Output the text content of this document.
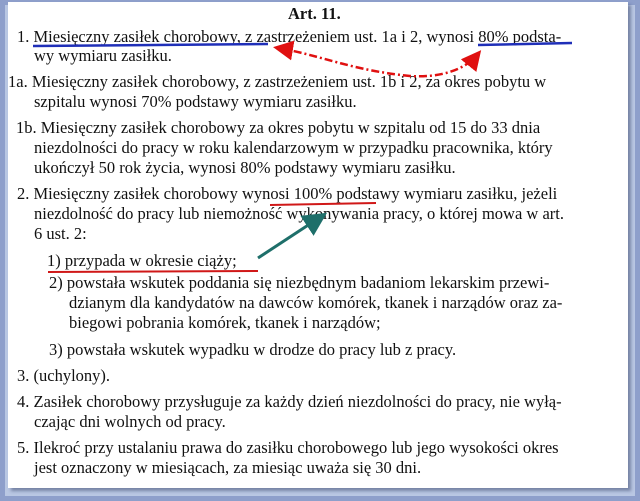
Art. 11.

1. Miesięczny zasiłek chorobowy, z zastrzeżeniem ust. 1a i 2, wynosi 80% podsta-

wy wymiaru zasiłku.

1a. Miesięczny zasiłek chorobowy, z zastrzeżeniem ust. 1b i 2, za okres pobytu w

szpitalu wynosi 70% podstawy wymiaru zasiłku.

1b. Miesięczny zasiłek chorobowy za okres pobytu w szpitalu od 15 do 33 dnia

niezdolności do pracy w roku kalendarzowym w przypadku pracownika, który

ukończył 50 rok życia, wynosi 80% podstawy wymiaru zasiłku.

2. Miesięczny zasiłek chorobowy wynosi 100% podstawy wymiaru zasiłku, jeżeli

niezdolność do pracy lub niemożność wykonywania pracy, o której mowa w art.

6 ust. 2:

1) przypada w okresie ciąży;

2) powstała wskutek poddania się niezbędnym badaniom lekarskim przewi-

dzianym dla kandydatów na dawców komórek, tkanek i narządów oraz za-

biegowi pobrania komórek, tkanek i narządów;

3) powstała wskutek wypadku w drodze do pracy lub z pracy.

3. (uchylony).

4. Zasiłek chorobowy przysługuje za każdy dzień niezdolności do pracy, nie wyłą-

czając dni wolnych od pracy.

5. Ilekroć przy ustalaniu prawa do zasiłku chorobowego lub jego wysokości okres

jest oznaczony w miesiącach, za miesiąc uważa się 30 dni.
